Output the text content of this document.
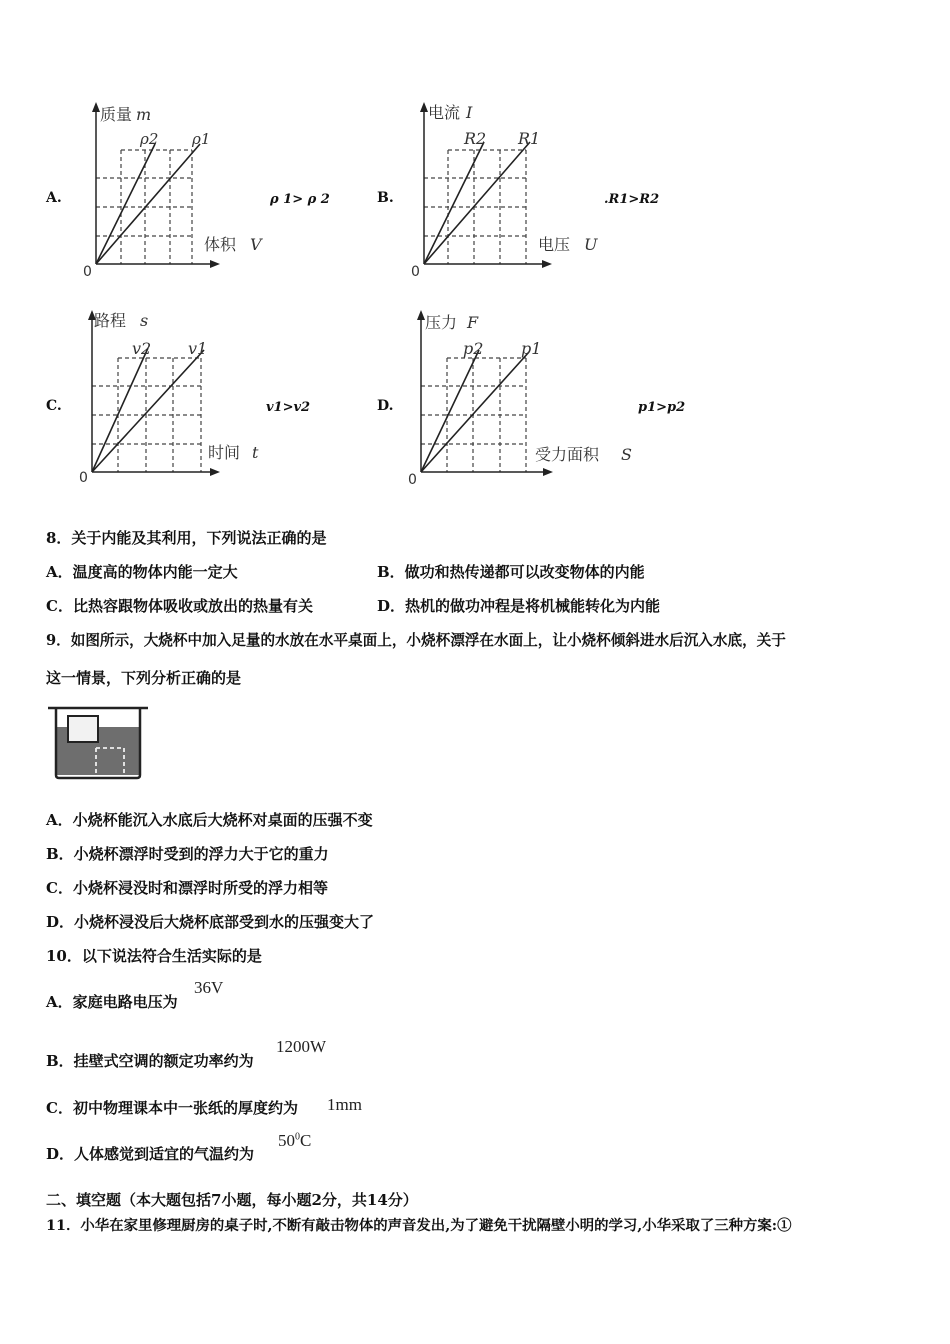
A.
质量 m
ρ2 ρ1
体积 V
0
ρ 1> ρ 2	B.
电流 I
R2 R1
电压 U
0
.R1>R2
C.
路程 s
v2 v1
时间 t
0
v1>v2	D.
压力 F
p2 p1
受力面积 S
0
p1>p2
8．关于内能及其利用，下列说法正确的是
A．温度高的物体内能一定大	B．做功和热传递都可以改变物体的内能
C．比热容跟物体吸收或放出的热量有关	D．热机的做功冲程是将机械能转化为内能
9．如图所示，大烧杯中加入足量的水放在水平桌面上，小烧杯漂浮在水面上，让小烧杯倾斜进水后沉入水底，关于
这一情景，下列分析正确的是
A．小烧杯能沉入水底后大烧杯对桌面的压强不变
B．小烧杯漂浮时受到的浮力大于它的重力
C．小烧杯浸没时和漂浮时所受的浮力相等
D．小烧杯浸没后大烧杯底部受到水的压强变大了
10．以下说法符合生活实际的是
A．家庭电路电压为
36V
B．挂壁式空调的额定功率约为
1200W
C．初中物理课本中一张纸的厚度约为 1mm
D．人体感觉到适宜的气温约为
$50^0C$
二、填空题（本大题包括7小题，每小题2分，共14分）
11．小华在家里修理厨房的桌子时,不断有敲击物体的声音发出,为了避免干扰隔壁小明的学习,小华采取了三种方案:①
